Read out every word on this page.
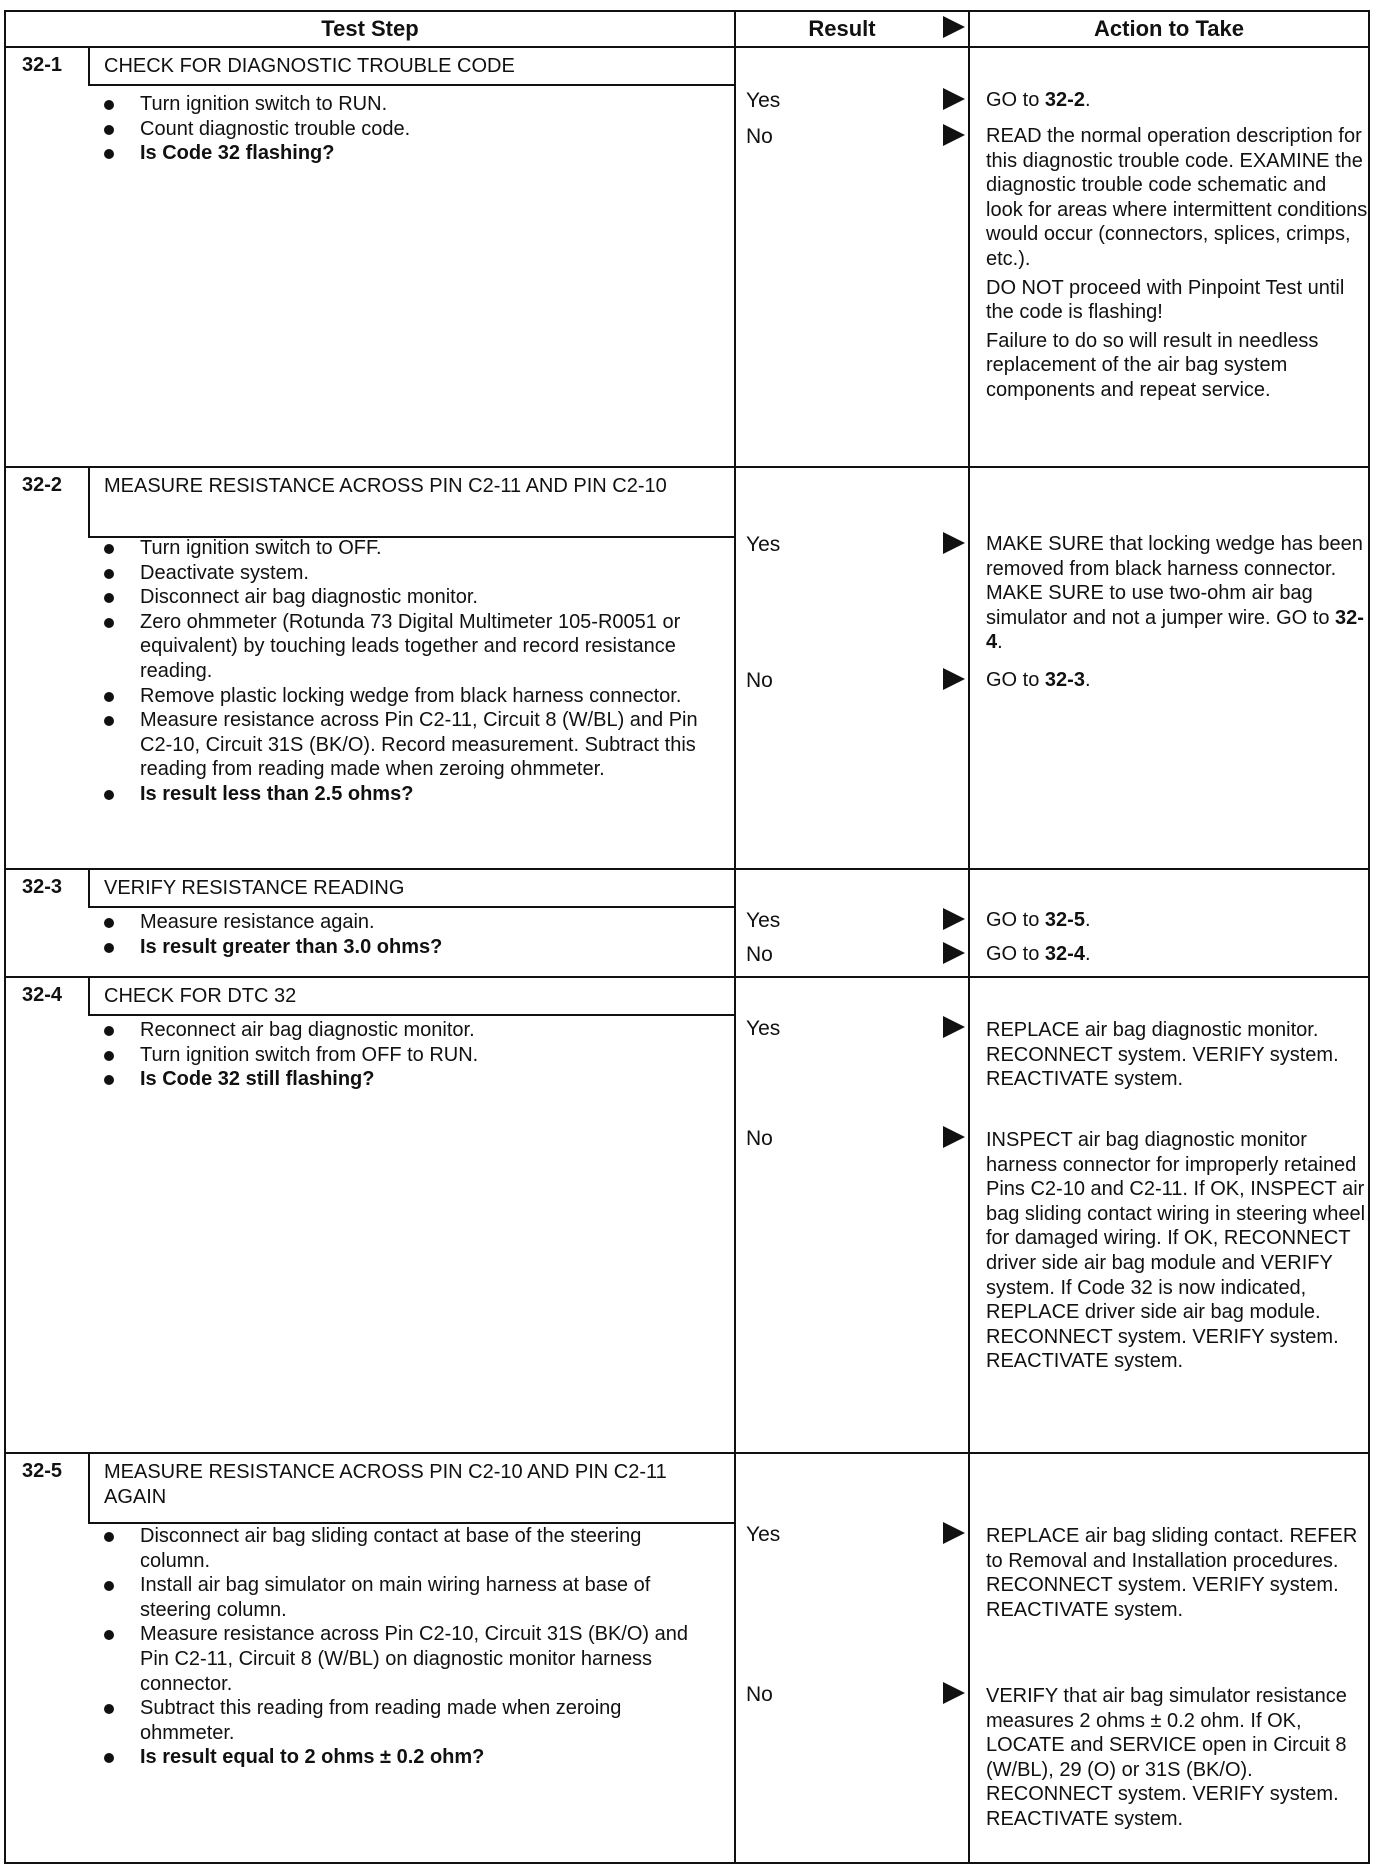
Test Step	Result	Action to Take
32-1	CHECK FOR DIAGNOSTIC TROUBLE CODE
Turn ignition switch to RUN.
Count diagnostic trouble code.
Is Code 32 flashing?
Yes	GO to 32-2.

No	READ the normal operation description for this diagnostic trouble code. EXAMINE the diagnostic trouble code schematic and look for areas where intermittent conditions would occur (connectors, splices, crimps, etc.).

DO NOT proceed with Pinpoint Test until the code is flashing!

Failure to do so will result in needless replacement of the air bag system components and repeat service.

32-2	MEASURE RESISTANCE ACROSS PIN C2-11 AND PIN C2-10
Turn ignition switch to OFF.
Deactivate system.
Disconnect air bag diagnostic monitor.
Zero ohmmeter (Rotunda 73 Digital Multimeter 105-R0051 or equivalent) by touching leads together and record resistance reading.
Remove plastic locking wedge from black harness connector.
Measure resistance across Pin C2-11, Circuit 8 (W/BL) and Pin C2-10, Circuit 31S (BK/O). Record measurement. Subtract this reading from reading made when zeroing ohmmeter.
Is result less than 2.5 ohms?
Yes	MAKE SURE that locking wedge has been removed from black harness connector. MAKE SURE to use two-ohm air bag simulator and not a jumper wire. GO to 32-4.

No	GO to 32-3.

32-3	VERIFY RESISTANCE READING
Measure resistance again.
Is result greater than 3.0 ohms?
Yes	GO to 32-5.

No	GO to 32-4.

32-4	CHECK FOR DTC 32
Reconnect air bag diagnostic monitor.
Turn ignition switch from OFF to RUN.
Is Code 32 still flashing?
Yes	REPLACE air bag diagnostic monitor. RECONNECT system. VERIFY system. REACTIVATE system.

No	INSPECT air bag diagnostic monitor harness connector for improperly retained Pins C2-10 and C2-11. If OK, INSPECT air bag sliding contact wiring in steering wheel for damaged wiring. If OK, RECONNECT driver side air bag module and VERIFY system. If Code 32 is now indicated, REPLACE driver side air bag module. RECONNECT system. VERIFY system. REACTIVATE system.

32-5	MEASURE RESISTANCE ACROSS PIN C2-10 AND PIN C2-11 AGAIN
Disconnect air bag sliding contact at base of the steering column.
Install air bag simulator on main wiring harness at base of steering column.
Measure resistance across Pin C2-10, Circuit 31S (BK/O) and Pin C2-11, Circuit 8 (W/BL) on diagnostic monitor harness connector.
Subtract this reading from reading made when zeroing ohmmeter.
Is result equal to 2 ohms ± 0.2 ohm?
Yes	REPLACE air bag sliding contact. REFER to Removal and Installation procedures. RECONNECT system. VERIFY system. REACTIVATE system.

No	VERIFY that air bag simulator resistance measures 2 ohms ± 0.2 ohm. If OK, LOCATE and SERVICE open in Circuit 8 (W/BL), 29 (O) or 31S (BK/O). RECONNECT system. VERIFY system. REACTIVATE system.
